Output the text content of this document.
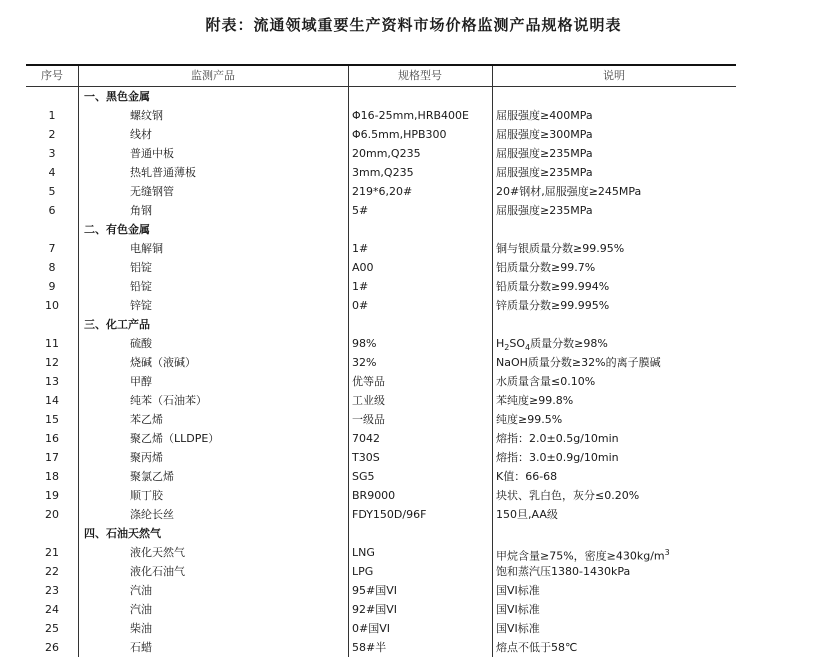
附表：流通领域重要生产资料市场价格监测产品规格说明表
序号	监测产品	规格型号	说明
一、黑色金属
1	螺纹钢	Φ16-25mm,HRB400E	屈服强度≥400MPa
2	线材	Φ6.5mm,HPB300	屈服强度≥300MPa
3	普通中板	20mm,Q235	屈服强度≥235MPa
4	热轧普通薄板	3mm,Q235	屈服强度≥235MPa
5	无缝钢管	219*6,20#	20#钢材,屈服强度≥245MPa
6	角钢	5#	屈服强度≥235MPa
二、有色金属
7	电解铜	1#	铜与银质量分数≥99.95%
8	铝锭	A00	铝质量分数≥99.7%
9	铅锭	1#	铅质量分数≥99.994%
10	锌锭	0#	锌质量分数≥99.995%
三、化工产品
11	硫酸	98%	$H_2SO_4$质量分数≥98%
12	烧碱（液碱）	32%	NaOH质量分数≥32%的离子膜碱
13	甲醇	优等品	水质量含量≤0.10%
14	纯苯（石油苯）	工业级	苯纯度≥99.8%
15	苯乙烯	一级品	纯度≥99.5%
16	聚乙烯（LLDPE）	7042	熔指：2.0±0.5g/10min
17	聚丙烯	T30S	熔指：3.0±0.9g/10min
18	聚氯乙烯	SG5	K值：66-68
19	顺丁胶	BR9000	块状、乳白色，灰分≤0.20%
20	涤纶长丝	FDY150D/96F	150旦,AA级
四、石油天然气
21	液化天然气	LNG	甲烷含量≥75%，密度$\ge 430kg/m^3$
22	液化石油气	LPG	饱和蒸汽压1380-1430kPa
23	汽油	95#国VI	国VI标准
24	汽油	92#国VI	国VI标准
25	柴油	0#国VI	国VI标准
26	石蜡	58#半	熔点不低于58℃
